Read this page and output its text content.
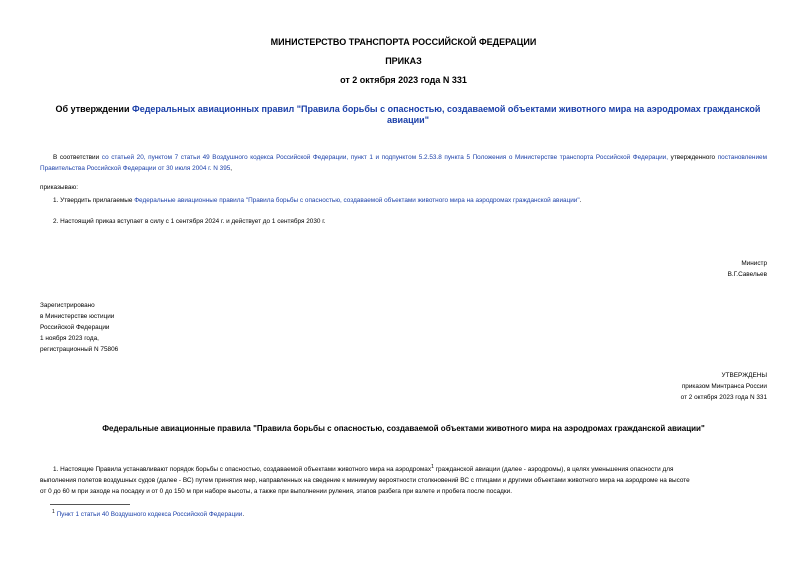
МИНИСТЕРСТВО ТРАНСПОРТА РОССИЙСКОЙ ФЕДЕРАЦИИ
ПРИКАЗ
от 2 октября 2023 года N 331
Об утверждении Федеральных авиационных правил "Правила борьбы с опасностью, создаваемой объектами животного мира на аэродромах гражданской
авиации"
В соответствии со статьей 20, пунктом 7 статьи 49 Воздушного кодекса Российской Федерации, пункт 1 и подпунктом 5.2.53.8 пункта 5 Положения о Министерстве транспорта Российской Федерации, утвержденного постановлением Правительства Российской Федерации от 30 июля 2004 г. N 395,
приказываю:
1. Утвердить прилагаемые Федеральные авиационные правила "Правила борьбы с опасностью, создаваемой объектами животного мира на аэродромах гражданской авиации".
2. Настоящий приказ вступает в силу с 1 сентября 2024 г. и действует до 1 сентября 2030 г.
Министр
В.Г.Савельев
Зарегистрировано
в Министерстве юстиции
Российской Федерации
1 ноября 2023 года,
регистрационный N 75806
УТВЕРЖДЕНЫ
приказом Минтранса России
от 2 октября 2023 года N 331
Федеральные авиационные правила "Правила борьбы с опасностью, создаваемой объектами животного мира на аэродромах гражданской авиации"
1. Настоящие Правила устанавливают порядок борьбы с опасностью, создаваемой объектами животного мира на аэродромах$^1$ гражданской авиации (далее - аэродромы), в целях уменьшения опасности для
выполнения полетов воздушных судов (далее - ВС) путем принятия мер, направленных на сведение к минимуму вероятности столкновений ВС с птицами и другими объектами животного мира на аэродроме на высоте
от 0 до 60 м при заходе на посадку и от 0 до 150 м при наборе высоты, а также при выполнении руления, этапов разбега при взлете и пробега после посадки.
$^1$ Пункт 1 статьи 40 Воздушного кодекса Российской Федерации.
